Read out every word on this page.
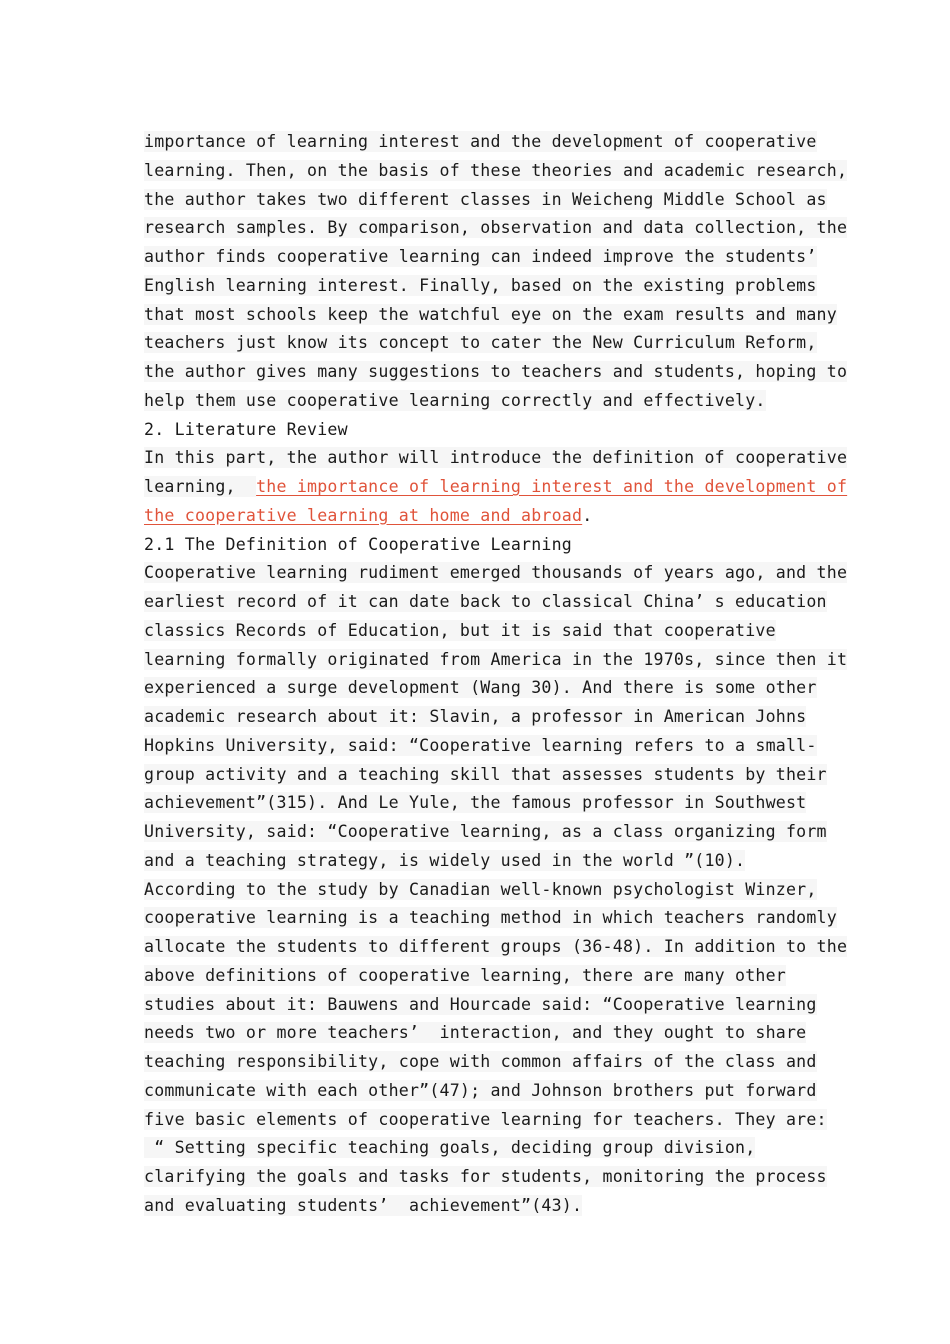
importance of learning interest and the development of cooperative
learning. Then, on the basis of these theories and academic research,
the author takes two different classes in Weicheng Middle School as
research samples. By comparison, observation and data collection, the
author finds cooperative learning can indeed improve the students’
English learning interest. Finally, based on the existing problems
that most schools keep the watchful eye on the exam results and many
teachers just know its concept to cater the New Curriculum Reform,
the author gives many suggestions to teachers and students, hoping to
help them use cooperative learning correctly and effectively.
2. Literature Review
In this part, the author will introduce the definition of cooperative
learning,  the importance of learning interest and the development of
the cooperative learning at home and abroad.
2.1 The Definition of Cooperative Learning
Cooperative learning rudiment emerged thousands of years ago, and the
earliest record of it can date back to classical China’ s education
classics Records of Education, but it is said that cooperative
learning formally originated from America in the 1970s, since then it
experienced a surge development (Wang 30). And there is some other
academic research about it: Slavin, a professor in American Johns
Hopkins University, said: “Cooperative learning refers to a small-
group activity and a teaching skill that assesses students by their
achievement”(315). And Le Yule, the famous professor in Southwest
University, said: “Cooperative learning, as a class organizing form
and a teaching strategy, is widely used in the world ”(10).
According to the study by Canadian well-known psychologist Winzer,
cooperative learning is a teaching method in which teachers randomly
allocate the students to different groups (36-48). In addition to the
above definitions of cooperative learning, there are many other
studies about it: Bauwens and Hourcade said: “Cooperative learning
needs two or more teachers’  interaction, and they ought to share
teaching responsibility, cope with common affairs of the class and
communicate with each other”(47); and Johnson brothers put forward
five basic elements of cooperative learning for teachers. They are:
“ Setting specific teaching goals, deciding group division,
clarifying the goals and tasks for students, monitoring the process
and evaluating students’  achievement”(43).
